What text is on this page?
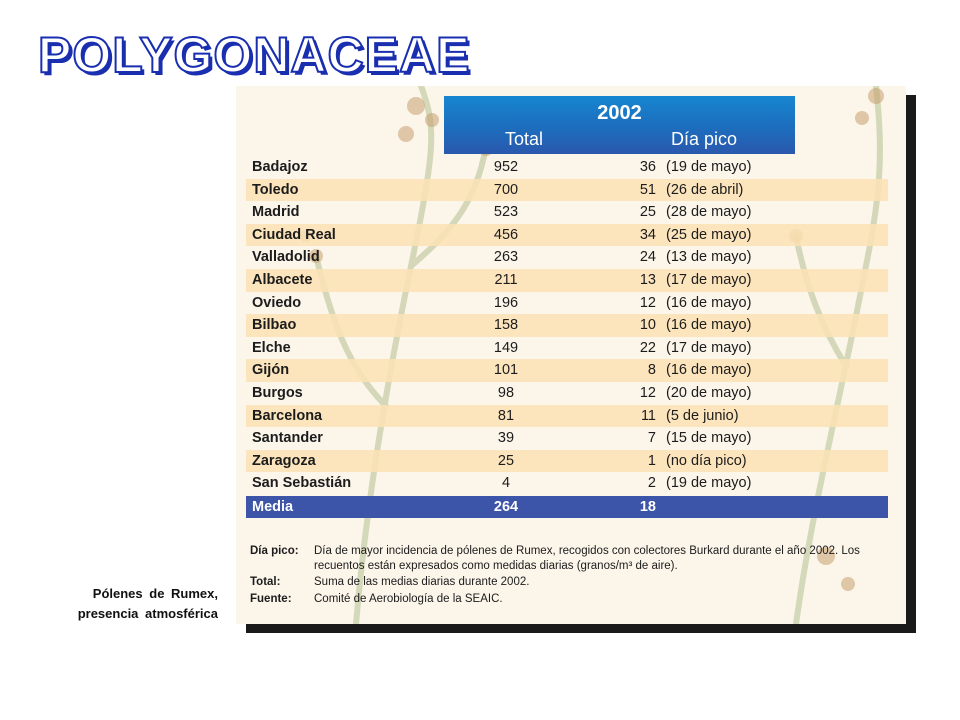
POLYGONACEAE
Pólenes de Rumex,
presencia atmosférica
2002
Total	Día pico
Badajoz	952	36 (19 de mayo)
Toledo	700	51 (26 de abril)
Madrid	523	25 (28 de mayo)
Ciudad Real	456	34 (25 de mayo)
Valladolid	263	24 (13 de mayo)
Albacete	211	13 (17 de mayo)
Oviedo	196	12 (16 de mayo)
Bilbao	158	10 (16 de mayo)
Elche	149	22 (17 de mayo)
Gijón	101	8 (16 de mayo)
Burgos	98	12 (20 de mayo)
Barcelona	81	11 (5 de junio)
Santander	39	7 (15 de mayo)
Zaragoza	25	1 (no día pico)
San Sebastián	4	2 (19 de mayo)
Media	264	18
Día pico: Día de mayor incidencia de pólenes de Rumex, recogidos con colectores Burkard durante el año 2002. Los recuentos están expresados como medidas diarias (granos/m³ de aire).
Total:	Suma de las medias diarias durante 2002.
Fuente: Comité de Aerobiología de la SEAIC.
